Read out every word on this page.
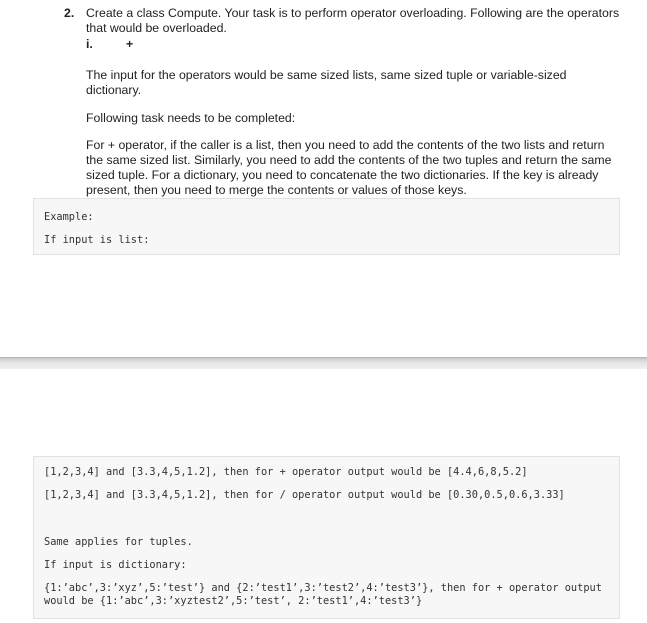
2. Create a class Compute. Your task is to perform operator overloading. Following are the operators that would be overloaded.
i.	+

The input for the operators would be same sized lists, same sized tuple or variable-sized dictionary.

Following task needs to be completed:

For + operator, if the caller is a list, then you need to add the contents of the two lists and return the same sized list. Similarly, you need to add the contents of the two tuples and return the same sized tuple. For a dictionary, you need to concatenate the two dictionaries. If the key is already present, then you need to merge the contents or values of those keys.

Example:
If input is list:
[1,2,3,4] and [3.3,4,5,1.2], then for + operator output would be [4.4,6,8,5.2]
[1,2,3,4] and [3.3,4,5,1.2], then for / operator output would be [0.30,0.5,0.6,3.33]
Same applies for tuples.
If input is dictionary:
{1:’abc’,3:’xyz’,5:’test’} and {2:’test1’,3:’test2’,4:’test3’}, then for + operator output would be {1:’abc’,3:’xyztest2’,5:’test’, 2:’test1’,4:’test3’}
